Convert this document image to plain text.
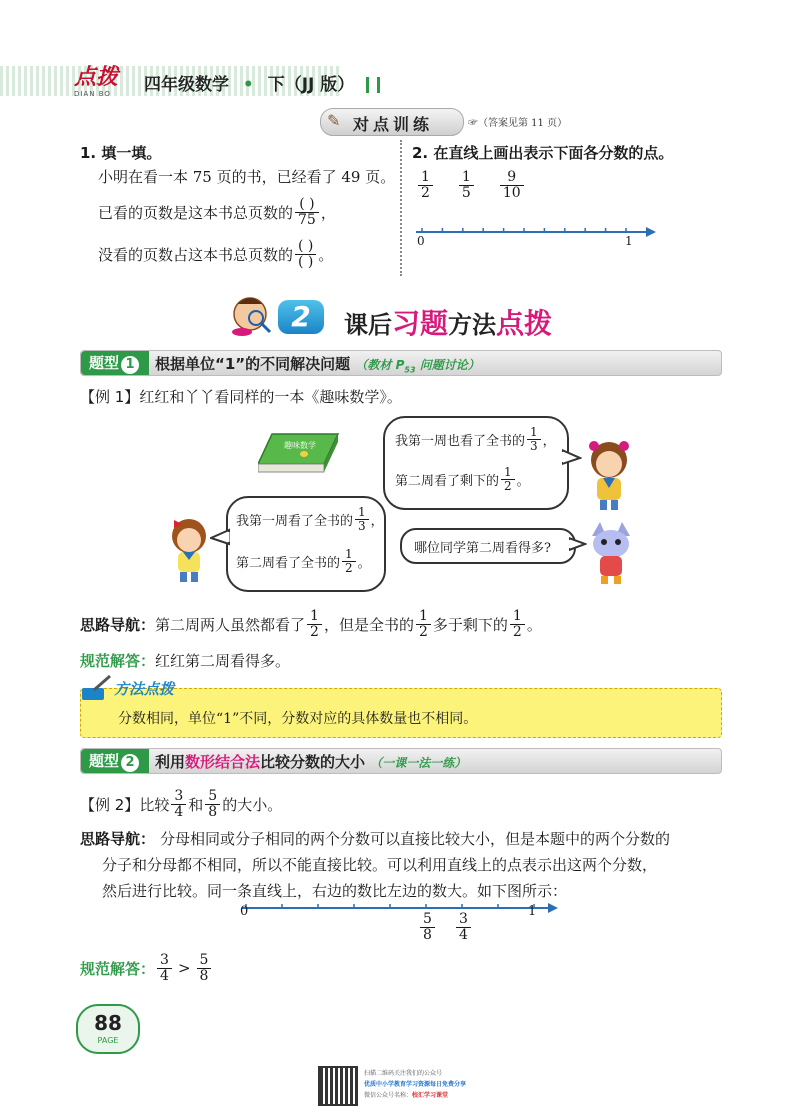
点拨
DIAN BO	四年级数学 • 下（JJ 版）
✎ 对点训练	☞（答案见第 11 页）
1. 填一填。
小明在看一本 75 页的书，已经看了 49 页。
已看的页数是这本书总页数的 $\frac{( )}{75}$ ，
没看的页数占这本书总页数的 $\frac{( )}{( )}$ 。
2. 在直线上画出表示下面各分数的点。
$\frac{1}{2} \frac{1}{5} \frac{9}{10}$
0	1
2	课后习题方法点拨
题型 1	根据单位“1”的不同解决问题 （教材 $P_{53}$ 问题讨论）
【例 1】红红和丫丫看同样的一本《趣味数学》。
趣味数学	我第一周也看了全书的 $\frac{1}{3}$ ，
第二周看了剩下的 $\frac{1}{2}$ 。
我第一周看了全书的 $\frac{1}{3}$ ，
第二周看了全书的 $\frac{1}{2}$ 。
哪位同学第二周看得多?
思路导航： 第二周两人虽然都看了 $\frac{1}{2}$ ，但是全书的 $\frac{1}{2}$ 多于剩下的 $\frac{1}{2}$ 。
规范解答：红红第二周看得多。
方法点拨
分数相同，单位“1”不同，分数对应的具体数量也不相同。
题型 2	利用数形结合法比较分数的大小 （一课一法一练）
【例 2】 比较 $\frac{3}{4}$ 和 $\frac{5}{8}$ 的大小。
思路导航： 分母相同或分子相同的两个分数可以直接比较大小，但是本题中的两个分数的
分子和分母都不相同，所以不能直接比较。可以利用直线上的点表示出这两个分数，
然后进行比较。同一条直线上，右边的数比左边的数大。如下图所示：
0	1
$\frac{5}{8} \frac{3}{4}$
规范解答： $\frac{3}{4} > \frac{5}{8}$
88
PAGE
扫描二维码关注我们的公众号
优质中小学教育学习资源每日免费分享
微信公众号名称：校汇学习课堂
